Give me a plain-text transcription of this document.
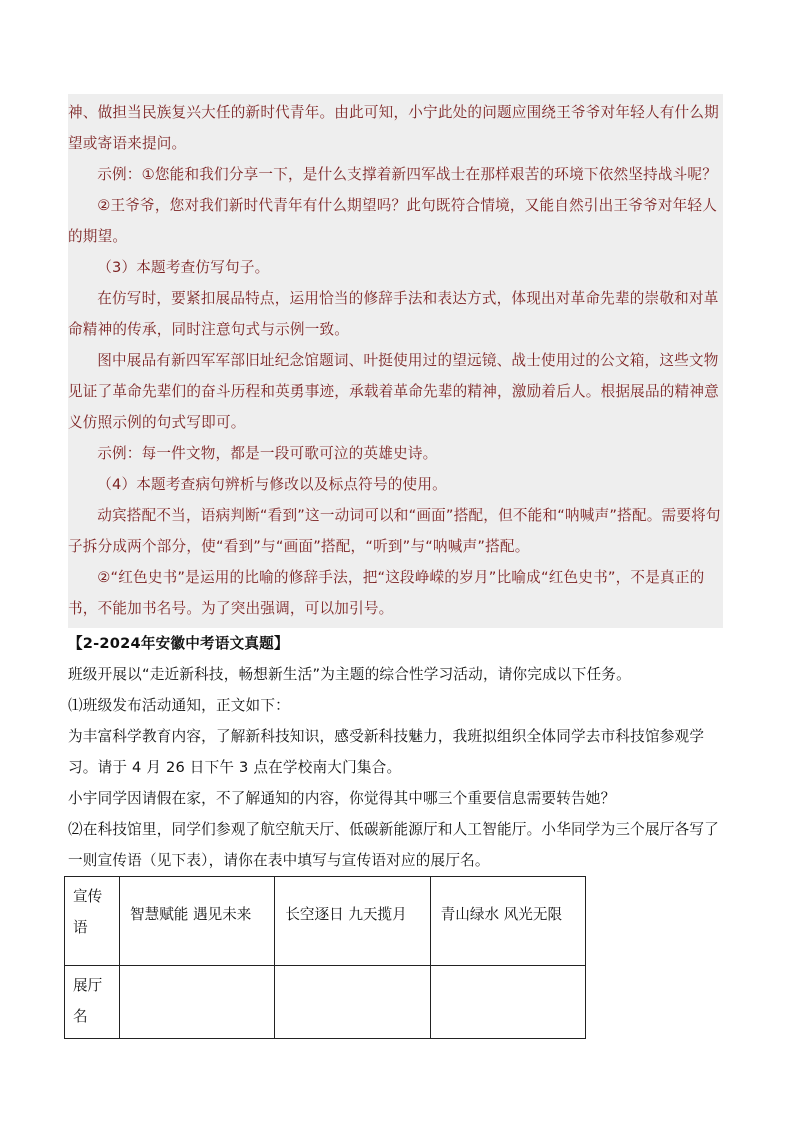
神、做担当民族复兴大任的新时代青年。由此可知，小宁此处的问题应围绕王爷爷对年轻人有什么期望或寄语来提问。

示例：①您能和我们分享一下，是什么支撑着新四军战士在那样艰苦的环境下依然坚持战斗呢？

②王爷爷，您对我们新时代青年有什么期望吗？此句既符合情境，又能自然引出王爷爷对年轻人的期望。

（3）本题考查仿写句子。

在仿写时，要紧扣展品特点，运用恰当的修辞手法和表达方式，体现出对革命先辈的崇敬和对革命精神的传承，同时注意句式与示例一致。

图中展品有新四军军部旧址纪念馆题词、叶挺使用过的望远镜、战士使用过的公文箱，这些文物见证了革命先辈们的奋斗历程和英勇事迹，承载着革命先辈的精神，激励着后人。根据展品的精神意义仿照示例的句式写即可。

示例：每一件文物，都是一段可歌可泣的英雄史诗。

（4）本题考查病句辨析与修改以及标点符号的使用。

动宾搭配不当，语病判断“看到”这一动词可以和“画面”搭配，但不能和“呐喊声”搭配。需要将句子拆分成两个部分，使“看到”与“画面”搭配，“听到”与“呐喊声”搭配。

②“红色史书”是运用的比喻的修辞手法，把“这段峥嵘的岁月”比喻成“红色史书”，不是真正的书，不能加书名号。为了突出强调，可以加引号。

【2-2024年安徽中考语文真题】

班级开展以“走近新科技，畅想新生活”为主题的综合性学习活动，请你完成以下任务。

⑴班级发布活动通知，正文如下：

为丰富科学教育内容，了解新科技知识，感受新科技魅力，我班拟组织全体同学去市科技馆参观学习。请于 4 月 26 日下午 3 点在学校南大门集合。

小宇同学因请假在家，不了解通知的内容，你觉得其中哪三个重要信息需要转告她？

⑵在科技馆里，同学们参观了航空航天厅、低碳新能源厅和人工智能厅。小华同学为三个展厅各写了一则宣传语（见下表），请你在表中填写与宣传语对应的展厅名。

宣传语	智慧赋能 遇见未来	长空逐日 九天揽月	青山绿水 风光无限
展厅名			
